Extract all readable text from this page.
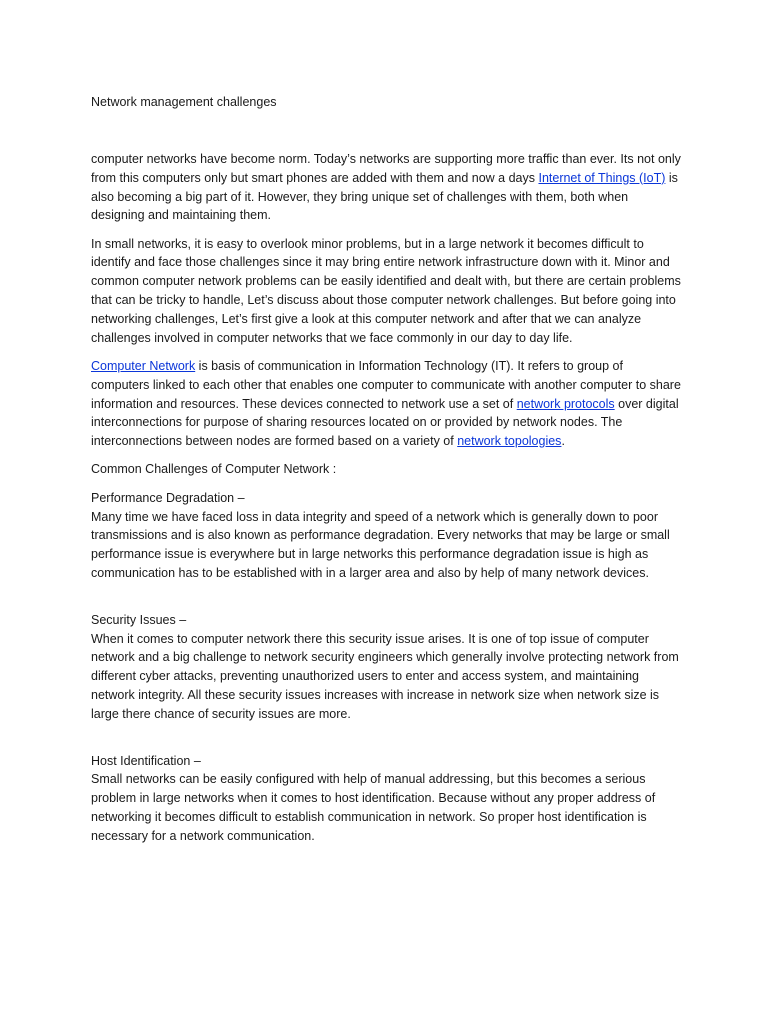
Network management challenges

computer networks have become norm. Today’s networks are supporting more traffic than ever. Its not only from this computers only but smart phones are added with them and now a days Internet of Things (IoT) is also becoming a big part of it. However, they bring unique set of challenges with them, both when designing and maintaining them.

In small networks, it is easy to overlook minor problems, but in a large network it becomes difficult to identify and face those challenges since it may bring entire network infrastructure down with it. Minor and common computer network problems can be easily identified and dealt with, but there are certain problems that can be tricky to handle, Let’s discuss about those computer network challenges. But before going into networking challenges, Let’s first give a look at this computer network and after that we can analyze challenges involved in computer networks that we face commonly in our day to day life.

Computer Network is basis of communication in Information Technology (IT). It refers to group of computers linked to each other that enables one computer to communicate with another computer to share information and resources. These devices connected to network use a set of network protocols over digital interconnections for purpose of sharing resources located on or provided by network nodes. The interconnections between nodes are formed based on a variety of network topologies.

Common Challenges of Computer Network :

Performance Degradation –
Many time we have faced loss in data integrity and speed of a network which is generally down to poor transmissions and is also known as performance degradation. Every networks that may be large or small performance issue is everywhere but in large networks this performance degradation issue is high as communication has to be established with in a larger area and also by help of many network devices.

Security Issues –
When it comes to computer network there this security issue arises. It is one of top issue of computer network and a big challenge to network security engineers which generally involve protecting network from different cyber attacks, preventing unauthorized users to enter and access system, and maintaining network integrity. All these security issues increases with increase in network size when network size is large there chance of security issues are more.

Host Identification –
Small networks can be easily configured with help of manual addressing, but this becomes a serious problem in large networks when it comes to host identification. Because without any proper address of networking it becomes difficult to establish communication in network. So proper host identification is necessary for a network communication.
